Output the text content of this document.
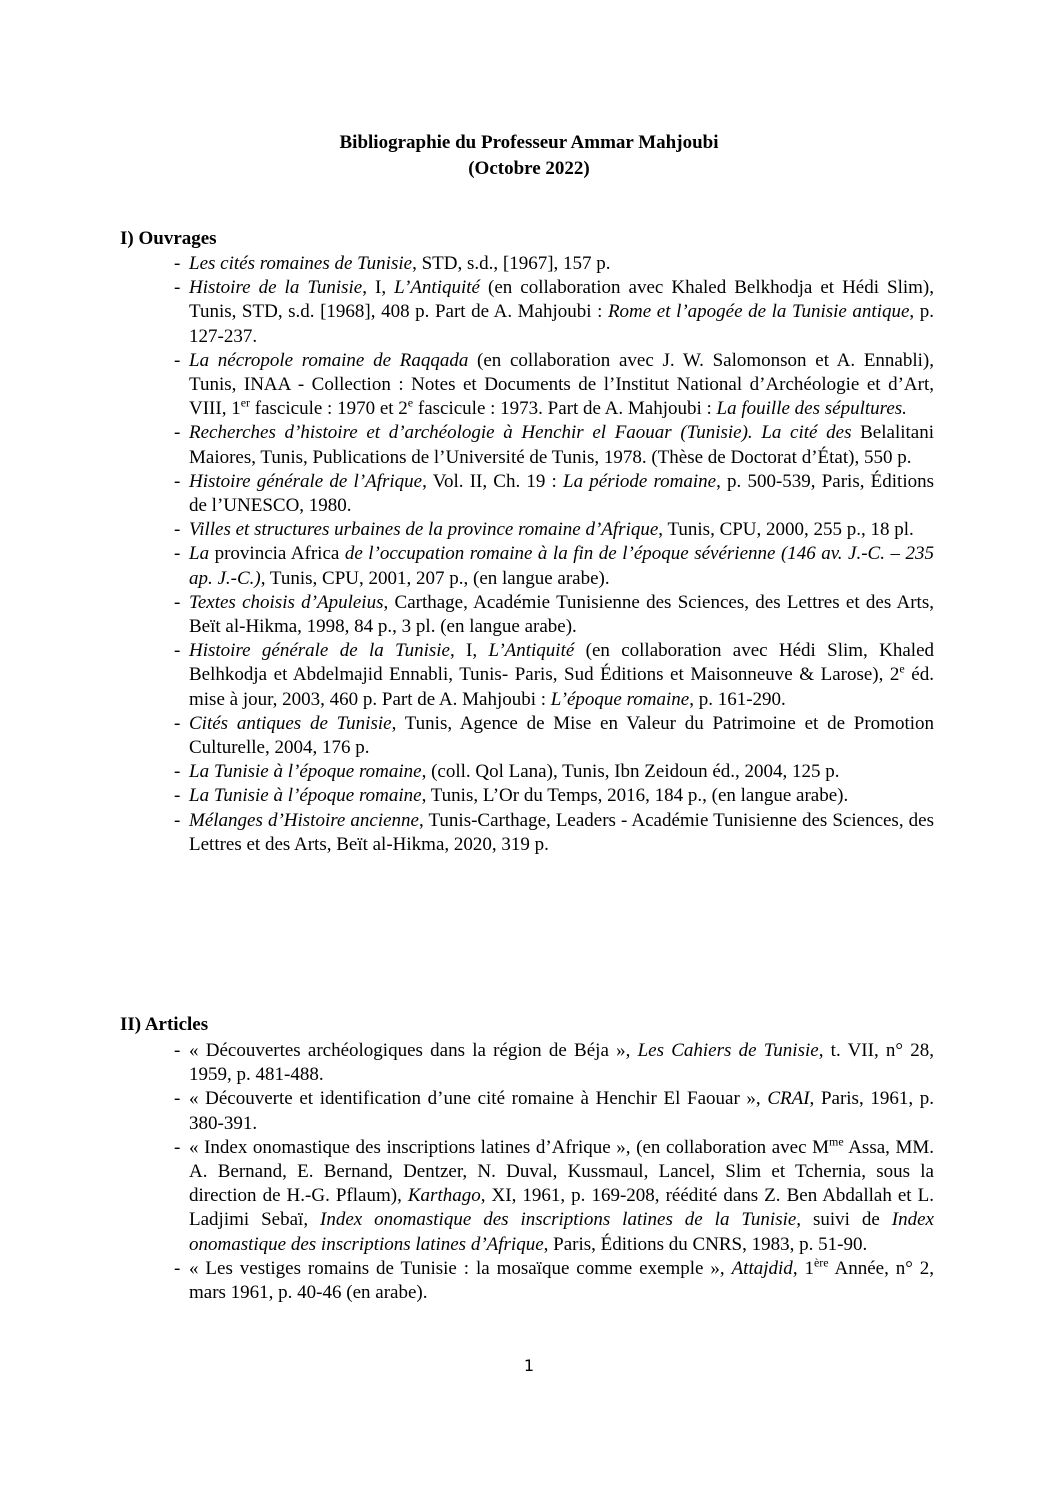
Bibliographie du Professeur Ammar Mahjoubi
(Octobre 2022)
I) Ouvrages
- Les cités romaines de Tunisie, STD, s.d., [1967], 157 p.
- Histoire de la Tunisie, I, L’Antiquité (en collaboration avec Khaled Belkhodja et Hédi Slim), Tunis, STD, s.d. [1968], 408 p. Part de A. Mahjoubi : Rome et l’apogée de la Tunisie antique, p. 127-237.
- La nécropole romaine de Raqqada (en collaboration avec J. W. Salomonson et A. Ennabli), Tunis, INAA - Collection : Notes et Documents de l’Institut National d’Archéologie et d’Art, VIII, 1er fascicule : 1970 et 2e fascicule : 1973. Part de A. Mahjoubi : La fouille des sépultures.
- Recherches d’histoire et d’archéologie à Henchir el Faouar (Tunisie). La cité des Belalitani Maiores, Tunis, Publications de l’Université de Tunis, 1978. (Thèse de Doctorat d’État), 550 p.
- Histoire générale de l’Afrique, Vol. II, Ch. 19 : La période romaine, p. 500-539, Paris, Éditions de l’UNESCO, 1980.
- Villes et structures urbaines de la province romaine d’Afrique, Tunis, CPU, 2000, 255 p., 18 pl.
- La provincia Africa de l’occupation romaine à la fin de l’époque sévérienne (146 av. J.-C. – 235 ap. J.-C.), Tunis, CPU, 2001, 207 p., (en langue arabe).
- Textes choisis d’Apuleius, Carthage, Académie Tunisienne des Sciences, des Lettres et des Arts, Beït al-Hikma, 1998, 84 p., 3 pl. (en langue arabe).
- Histoire générale de la Tunisie, I, L’Antiquité (en collaboration avec Hédi Slim, Khaled Belhkodja et Abdelmajid Ennabli, Tunis- Paris, Sud Éditions et Maisonneuve & Larose), 2e éd. mise à jour, 2003, 460 p. Part de A. Mahjoubi : L’époque romaine, p. 161-290.
- Cités antiques de Tunisie, Tunis, Agence de Mise en Valeur du Patrimoine et de Promotion Culturelle, 2004, 176 p.
- La Tunisie à l’époque romaine, (coll. Qol Lana), Tunis, Ibn Zeidoun éd., 2004, 125 p.
- La Tunisie à l’époque romaine, Tunis, L’Or du Temps, 2016, 184 p., (en langue arabe).
- Mélanges d’Histoire ancienne, Tunis-Carthage, Leaders - Académie Tunisienne des Sciences, des Lettres et des Arts, Beït al-Hikma, 2020, 319 p.
II) Articles
- « Découvertes archéologiques dans la région de Béja », Les Cahiers de Tunisie, t. VII, n° 28, 1959, p. 481-488.
- « Découverte et identification d’une cité romaine à Henchir El Faouar », CRAI, Paris, 1961, p. 380-391.
- « Index onomastique des inscriptions latines d’Afrique », (en collaboration avec $M^{me}$ Assa, MM. A. Bernand, E. Bernand, Dentzer, N. Duval, Kussmaul, Lancel, Slim et Tchernia, sous la direction de H.-G. Pflaum), Karthago, XI, 1961, p. 169-208, réédité dans Z. Ben Abdallah et L. Ladjimi Sebaï, Index onomastique des inscriptions latines de la Tunisie, suivi de Index onomastique des inscriptions latines d’Afrique, Paris, Éditions du CNRS, 1983, p. 51-90.
- « Les vestiges romains de Tunisie : la mosaïque comme exemple », Attajdid, 1ère Année, n° 2, mars 1961, p. 40-46 (en arabe).
1
